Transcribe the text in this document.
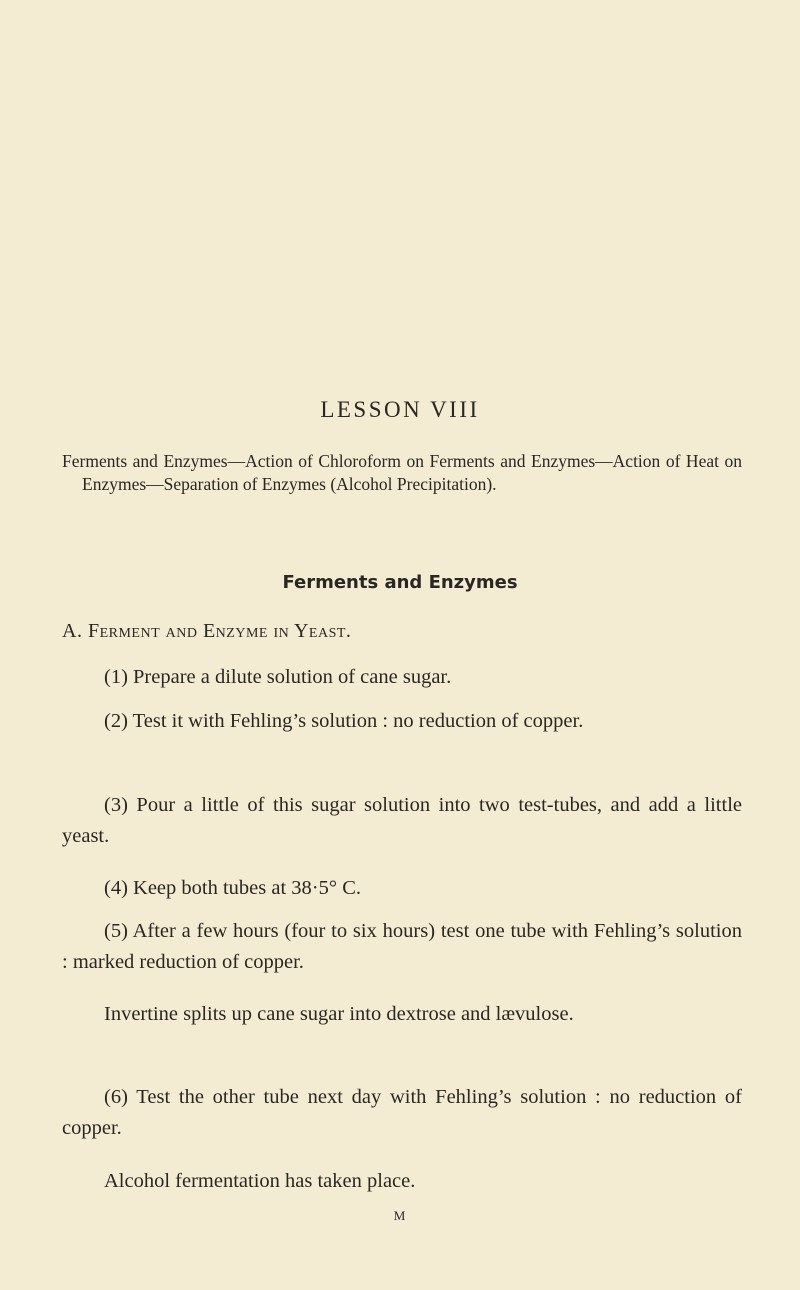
LESSON VIII
Ferments and Enzymes—Action of Chloroform on Ferments and Enzymes—Action of Heat on Enzymes—Separation of Enzymes (Alcohol Precipitation).
Ferments and Enzymes
A. Ferment and Enzyme in Yeast.
(1) Prepare a dilute solution of cane sugar.
(2) Test it with Fehling’s solution : no reduction of copper.
(3) Pour a little of this sugar solution into two test-tubes, and add a little yeast.
(4) Keep both tubes at 38·5° C.
(5) After a few hours (four to six hours) test one tube with Fehling’s solution : marked reduction of copper.
Invertine splits up cane sugar into dextrose and lævulose.
(6) Test the other tube next day with Fehling’s solution : no reduction of copper.
Alcohol fermentation has taken place.
M
